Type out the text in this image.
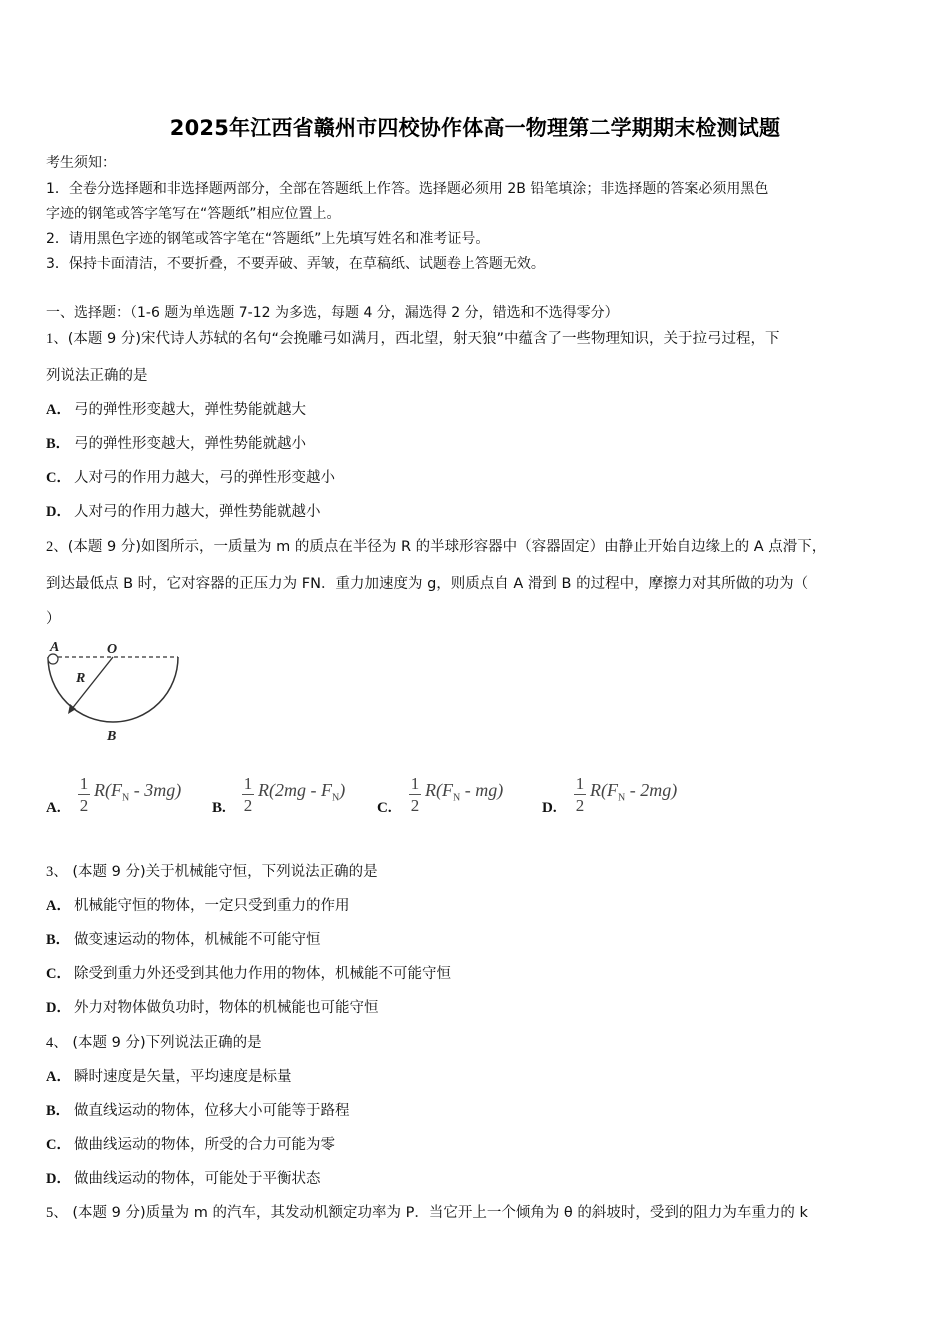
2025年江西省赣州市四校协作体高一物理第二学期期末检测试题
考生须知：
1．全卷分选择题和非选择题两部分，全部在答题纸上作答。选择题必须用 2B 铅笔填涂；非选择题的答案必须用黑色
字迹的钢笔或答字笔写在“答题纸”相应位置上。
2．请用黑色字迹的钢笔或答字笔在“答题纸”上先填写姓名和准考证号。
3．保持卡面清洁，不要折叠，不要弄破、弄皱，在草稿纸、试题卷上答题无效。
一、选择题：（1-6 题为单选题 7-12 为多选，每题 4 分，漏选得 2 分，错选和不选得零分）
1、(本题 9 分)宋代诗人苏轼的名句“会挽雕弓如满月，西北望，射天狼”中蕴含了一些物理知识，关于拉弓过程，下
列说法正确的是
A． 弓的弹性形变越大，弹性势能就越大
B． 弓的弹性形变越大，弹性势能就越小
C． 人对弓的作用力越大，弓的弹性形变越小
D． 人对弓的作用力越大，弹性势能就越小
2、(本题 9 分)如图所示，一质量为 m 的质点在半径为 R 的半球形容器中（容器固定）由静止开始自边缘上的 A 点滑下，
到达最低点 B 时，它对容器的正压力为 FN．重力加速度为 g，则质点自 A 滑到 B 的过程中，摩擦力对其所做的功为（
）
A	O
R
B
A. $\frac{1}{2} R(F_N - 3mg)$
B. $\frac{1}{2} R(2mg - F_N)$
C. $\frac{1}{2} R(F_N - mg)$
D. $\frac{1}{2} R(F_N - 2mg)$
3、 (本题 9 分)关于机械能守恒，下列说法正确的是
A． 机械能守恒的物体，一定只受到重力的作用
B． 做变速运动的物体，机械能不可能守恒
C． 除受到重力外还受到其他力作用的物体，机械能不可能守恒
D． 外力对物体做负功时，物体的机械能也可能守恒
4、 (本题 9 分)下列说法正确的是
A． 瞬时速度是矢量，平均速度是标量
B． 做直线运动的物体，位移大小可能等于路程
C． 做曲线运动的物体，所受的合力可能为零
D． 做曲线运动的物体，可能处于平衡状态
5、 (本题 9 分)质量为 m 的汽车，其发动机额定功率为 P．当它开上一个倾角为 θ 的斜坡时，受到的阻力为车重力的 k
